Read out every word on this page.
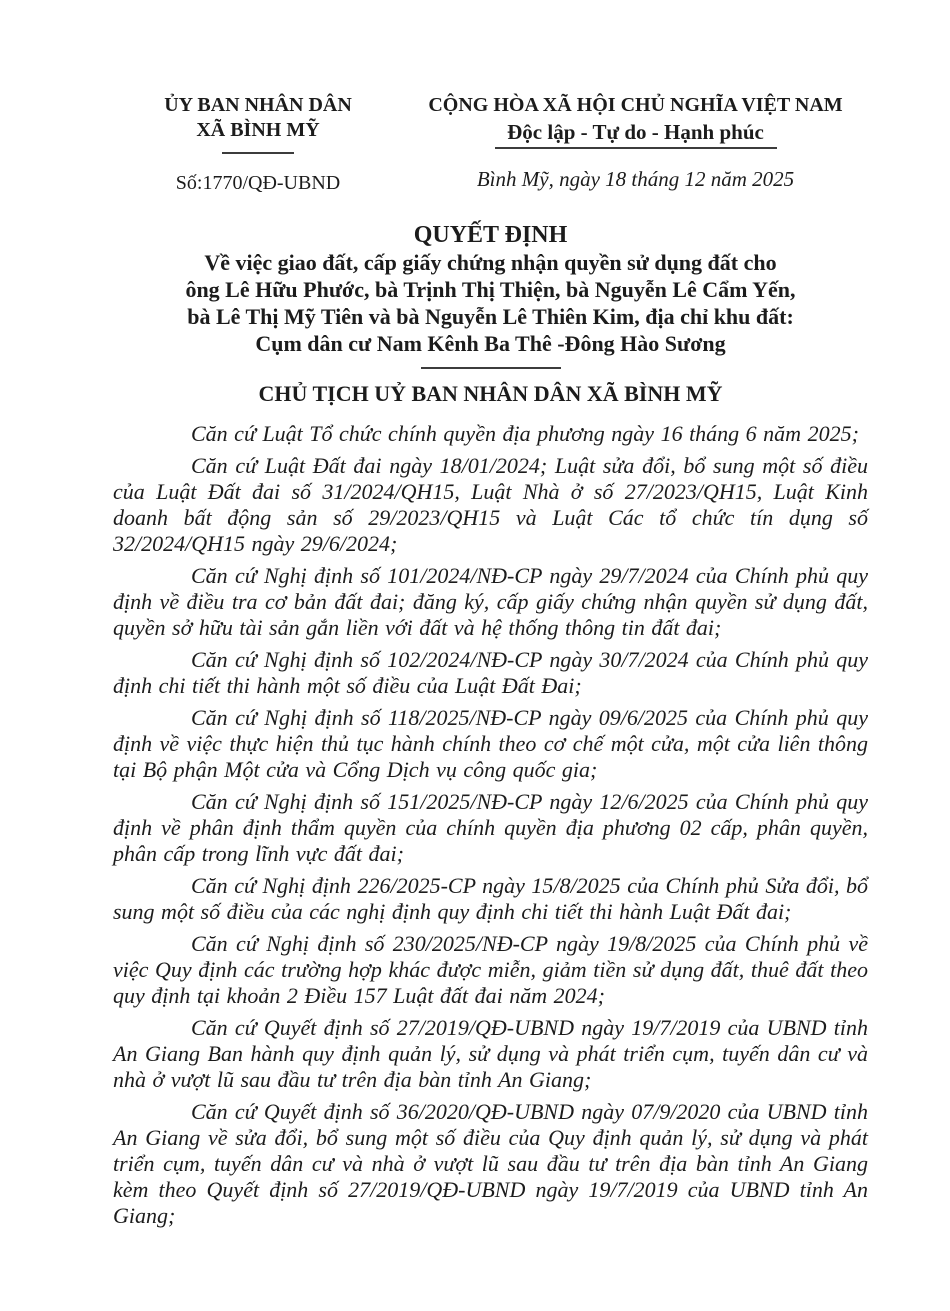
ỦY BAN NHÂN DÂN
XÃ BÌNH MỸ
Số:1770/QĐ-UBND
CỘNG HÒA XÃ HỘI CHỦ NGHĨA VIỆT NAM
Độc lập - Tự do - Hạnh phúc
Bình Mỹ, ngày 18 tháng 12 năm 2025
QUYẾT ĐỊNH
Về việc giao đất, cấp giấy chứng nhận quyền sử dụng đất cho
ông Lê Hữu Phước, bà Trịnh Thị Thiện, bà Nguyễn Lê Cẩm Yến,
bà Lê Thị Mỹ Tiên và bà Nguyễn Lê Thiên Kim, địa chỉ khu đất:
Cụm dân cư Nam Kênh Ba Thê -Đông Hào Sương
CHỦ TỊCH UỶ BAN NHÂN DÂN XÃ BÌNH MỸ

Căn cứ Luật Tổ chức chính quyền địa phương ngày 16 tháng 6 năm 2025;

Căn cứ Luật Đất đai ngày 18/01/2024; Luật sửa đổi, bổ sung một số điều của Luật Đất đai số 31/2024/QH15, Luật Nhà ở số 27/2023/QH15, Luật Kinh doanh bất động sản số 29/2023/QH15 và Luật Các tổ chức tín dụng số 32/2024/QH15 ngày 29/6/2024;

Căn cứ Nghị định số 101/2024/NĐ-CP ngày 29/7/2024 của Chính phủ quy định về điều tra cơ bản đất đai; đăng ký, cấp giấy chứng nhận quyền sử dụng đất, quyền sở hữu tài sản gắn liền với đất và hệ thống thông tin đất đai;

Căn cứ Nghị định số 102/2024/NĐ-CP ngày 30/7/2024 của Chính phủ quy định chi tiết thi hành một số điều của Luật Đất Đai;

Căn cứ Nghị định số 118/2025/NĐ-CP ngày 09/6/2025 của Chính phủ quy định về việc thực hiện thủ tục hành chính theo cơ chế một cửa, một cửa liên thông tại Bộ phận Một cửa và Cổng Dịch vụ công quốc gia;

Căn cứ Nghị định số 151/2025/NĐ-CP ngày 12/6/2025 của Chính phủ quy định về phân định thẩm quyền của chính quyền địa phương 02 cấp, phân quyền, phân cấp trong lĩnh vực đất đai;

Căn cứ Nghị định 226/2025-CP ngày 15/8/2025 của Chính phủ Sửa đổi, bổ sung một số điều của các nghị định quy định chi tiết thi hành Luật Đất đai;

Căn cứ Nghị định số 230/2025/NĐ-CP ngày 19/8/2025 của Chính phủ về việc Quy định các trường hợp khác được miễn, giảm tiền sử dụng đất, thuê đất theo quy định tại khoản 2 Điều 157 Luật đất đai năm 2024;

Căn cứ Quyết định số 27/2019/QĐ-UBND ngày 19/7/2019 của UBND tỉnh An Giang Ban hành quy định quản lý, sử dụng và phát triển cụm, tuyến dân cư và nhà ở vượt lũ sau đầu tư trên địa bàn tỉnh An Giang;

Căn cứ Quyết định số 36/2020/QĐ-UBND ngày 07/9/2020 của UBND tỉnh An Giang về sửa đổi, bổ sung một số điều của Quy định quản lý, sử dụng và phát triển cụm, tuyến dân cư và nhà ở vượt lũ sau đầu tư trên địa bàn tỉnh An Giang kèm theo Quyết định số 27/2019/QĐ-UBND ngày 19/7/2019 của UBND tỉnh An Giang;
